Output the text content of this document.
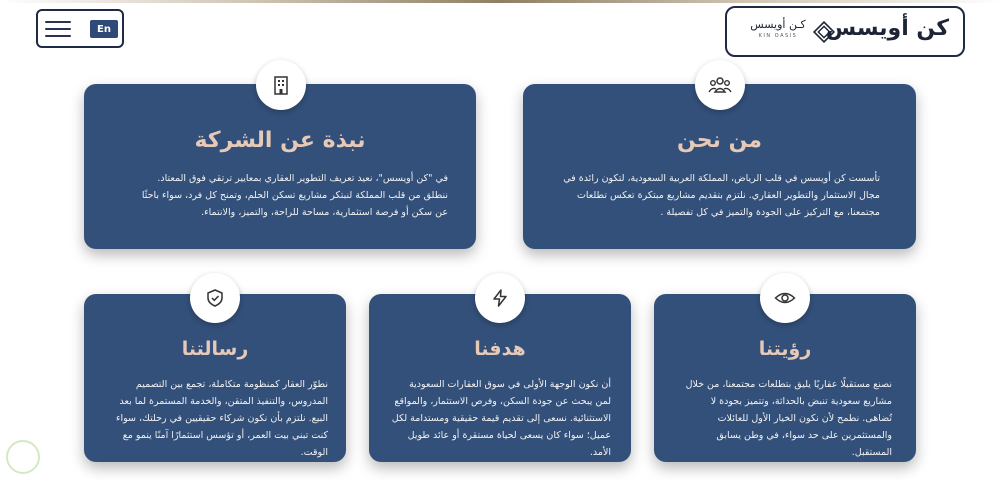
En	كن أويسس
كـن أويسس
KIN OASIS
نبذة عن الشركة
في "كن أويسس"، نعيد تعريف التطوير العقاري بمعايير ترتقي فوق المعتاد. ننطلق من قلب المملكة لنبتكر مشاريع تسكن الحلم، وتمنح كل فرد، سواء باحثًا عن سكن أو فرصة استثمارية، مساحة للراحة، والتميز، والانتماء.
من نحن
تأسست كن أويسس في قلب الرياض، المملكة العربية السعودية، لتكون رائدة في مجال الاستثمار والتطوير العقاري. نلتزم بتقديم مشاريع مبتكرة تعكس تطلعات مجتمعنا، مع التركيز على الجودة والتميز في كل تفصيلة .
رسالتنا
نطوّر العقار كمنظومة متكاملة، تجمع بين التصميم المدروس، والتنفيذ المتقن، والخدمة المستمرة لما بعد البيع. نلتزم بأن نكون شركاء حقيقيين في رحلتك، سواء كنت تبني بيت العمر، أو تؤسس استثمارًا آمنًا ينمو مع الوقت.
هدفنا
أن نكون الوجهة الأولى في سوق العقارات السعودية لمن يبحث عن جودة السكن، وفرص الاستثمار، والمواقع الاستثنائية. نسعى إلى تقديم قيمة حقيقية ومستدامة لكل عميل؛ سواء كان يسعى لحياة مستقرة أو عائد طويل الأمد.
رؤيتنا
نصنع مستقبلًا عقاريًا يليق بتطلعات مجتمعنا، من خلال مشاريع سعودية تنبض بالحداثة، وتتميز بجودة لا تُضاهى. نطمح لأن نكون الخيار الأول للعائلات والمستثمرين على حد سواء، في وطن يسابق المستقبل.
